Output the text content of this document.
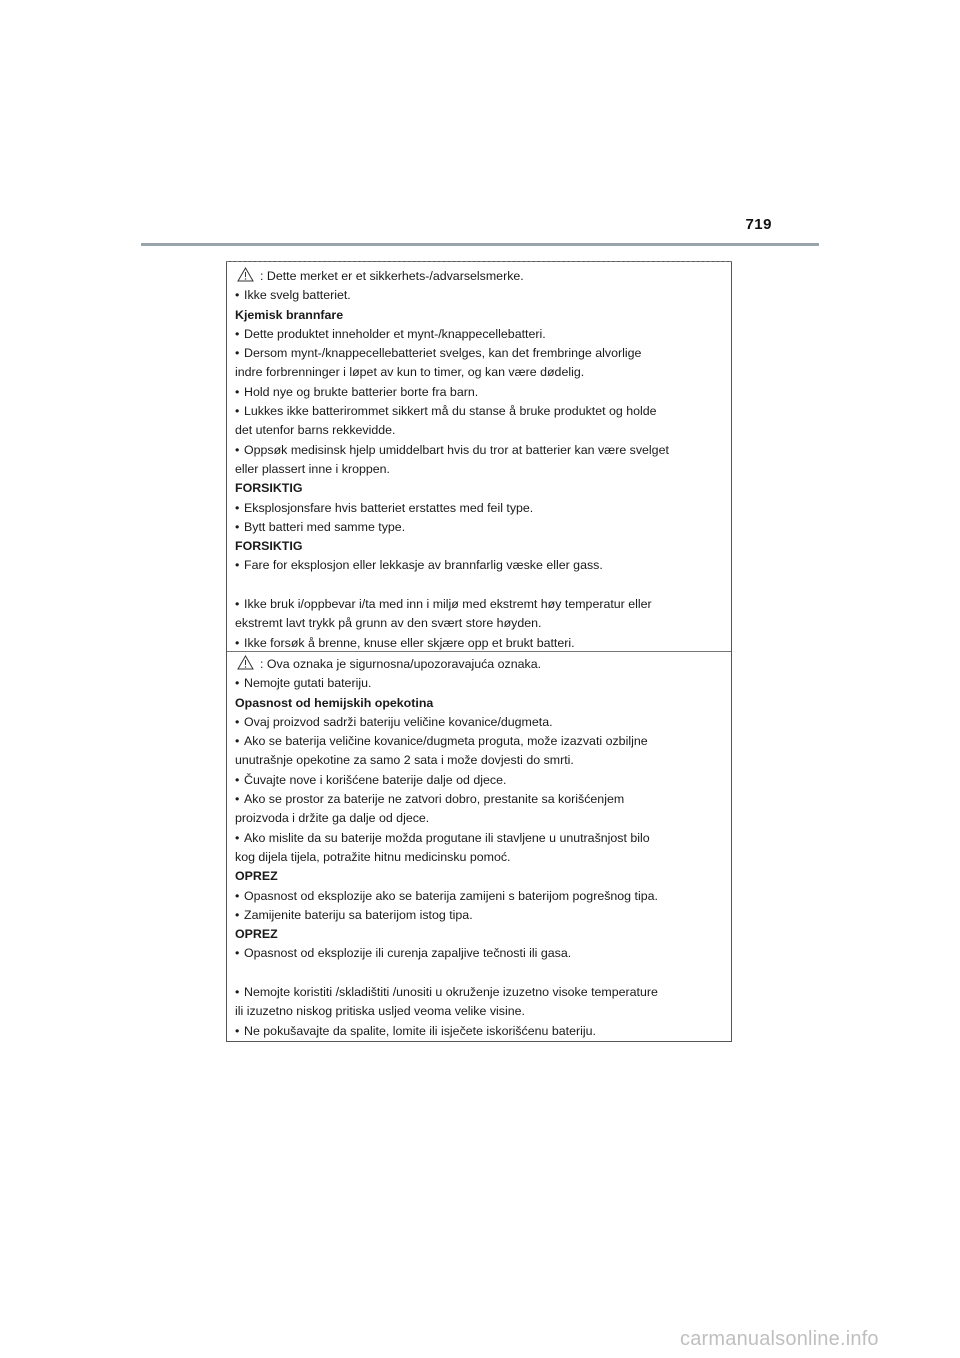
719

: Dette merket er et sikkerhets-/advarselsmerke.

• Ikke svelg batteriet.

Kjemisk brannfare

• Dette produktet inneholder et mynt-/knappecellebatteri.

• Dersom mynt-/knappecellebatteriet svelges, kan det frembringe alvorlige

indre forbrenninger i løpet av kun to timer, og kan være dødelig.

• Hold nye og brukte batterier borte fra barn.

• Lukkes ikke batterirommet sikkert må du stanse å bruke produktet og holde

det utenfor barns rekkevidde.

• Oppsøk medisinsk hjelp umiddelbart hvis du tror at batterier kan være svelget

eller plassert inne i kroppen.

FORSIKTIG

• Eksplosjonsfare hvis batteriet erstattes med feil type.

• Bytt batteri med samme type.

FORSIKTIG

• Fare for eksplosjon eller lekkasje av brannfarlig væske eller gass.

• Ikke bruk i/oppbevar i/ta med inn i miljø med ekstremt høy temperatur eller

ekstremt lavt trykk på grunn av den svært store høyden.

• Ikke forsøk å brenne, knuse eller skjære opp et brukt batteri.

: Ova oznaka je sigurnosna/upozoravajuća oznaka.

• Nemojte gutati bateriju.

Opasnost od hemijskih opekotina

• Ovaj proizvod sadrži bateriju veličine kovanice/dugmeta.

• Ako se baterija veličine kovanice/dugmeta proguta, može izazvati ozbiljne

unutrašnje opekotine za samo 2 sata i može dovjesti do smrti.

• Čuvajte nove i korišćene baterije dalje od djece.

• Ako se prostor za baterije ne zatvori dobro, prestanite sa korišćenjem

proizvoda i držite ga dalje od djece.

• Ako mislite da su baterije možda progutane ili stavljene u unutrašnjost bilo

kog dijela tijela, potražite hitnu medicinsku pomoć.

OPREZ

• Opasnost od eksplozije ako se baterija zamijeni s baterijom pogrešnog tipa.

• Zamijenite bateriju sa baterijom istog tipa.

OPREZ

• Opasnost od eksplozije ili curenja zapaljive tečnosti ili gasa.

• Nemojte koristiti /skladištiti /unositi u okruženje izuzetno visoke temperature

ili izuzetno niskog pritiska usljed veoma velike visine.

• Ne pokušavajte da spalite, lomite ili isječete iskorišćenu bateriju.

carmanualsonline.info
